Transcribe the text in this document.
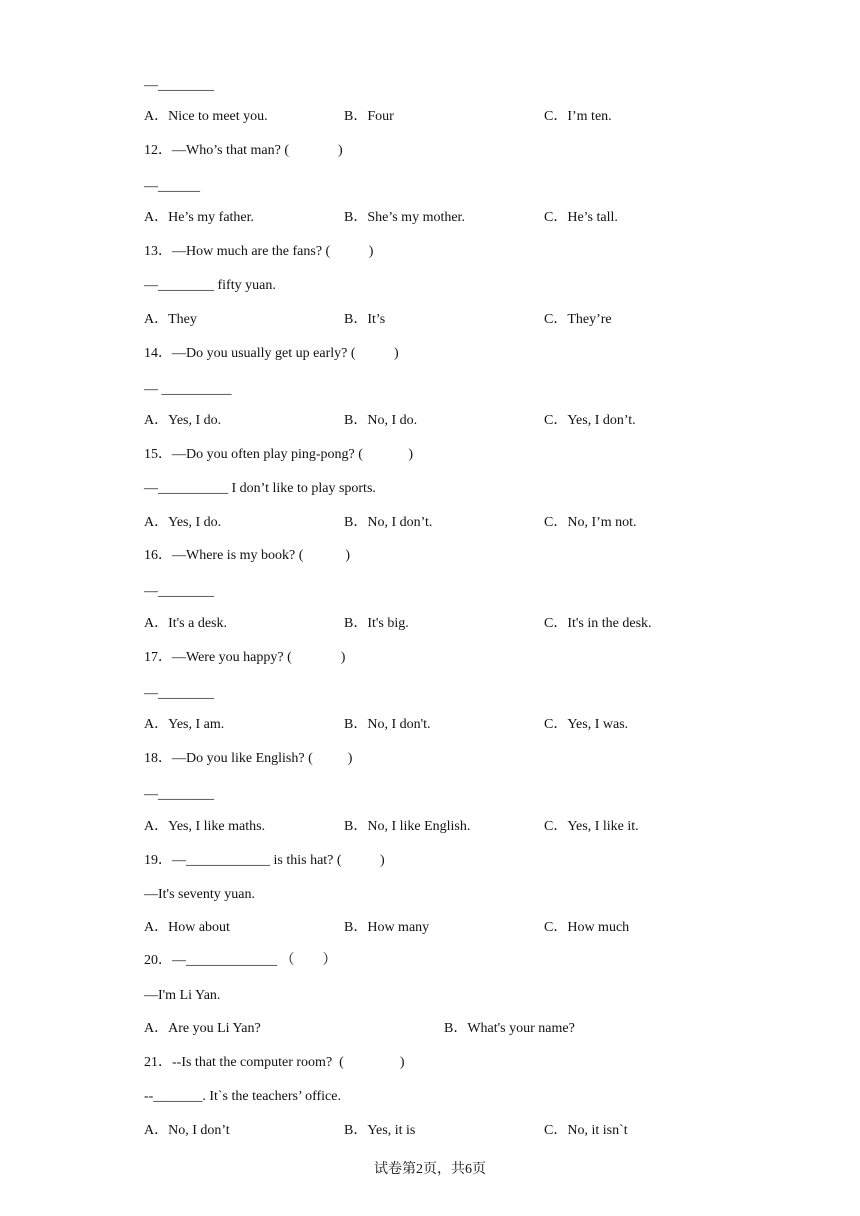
—________
A．Nice to meet you.	B．Four	C．I’m ten.
12．—Who’s that man? (              )
—______
A．He’s my father.	B．She’s my mother.	C．He’s tall.
13．—How much are the fans? (           )
—________ fifty yuan.
A．They	B．It’s	C．They’re
14．—Do you usually get up early? (           )
— __________
A．Yes, I do.	B．No, I do.	C．Yes, I don’t.
15．—Do you often play ping-pong? (             )
—__________ I don’t like to play sports.
A．Yes, I do.	B．No, I don’t.	C．No, I’m not.
16．—Where is my book? (            )
—________
A．It's a desk.	B．It's big.	C．It's in the desk.
17．—Were you happy? (              )
—________
A．Yes, I am.	B．No, I don't.	C．Yes, I was.
18．—Do you like English? (          )
—________
A．Yes, I like maths.	B．No, I like English.	C．Yes, I like it.
19．—____________ is this hat? (           )
—It's seventy yuan.
A．How about	B．How many	C．How much
20．—_____________ （        ）
—I'm Li Yan.
A．Are you Li Yan?	B．What's your name?
21．--Is that the computer room?  (                )
--_______. It`s the teachers’ office.
A．No, I don’t	B．Yes, it is	C．No, it isn`t
试卷第2页，共6页
